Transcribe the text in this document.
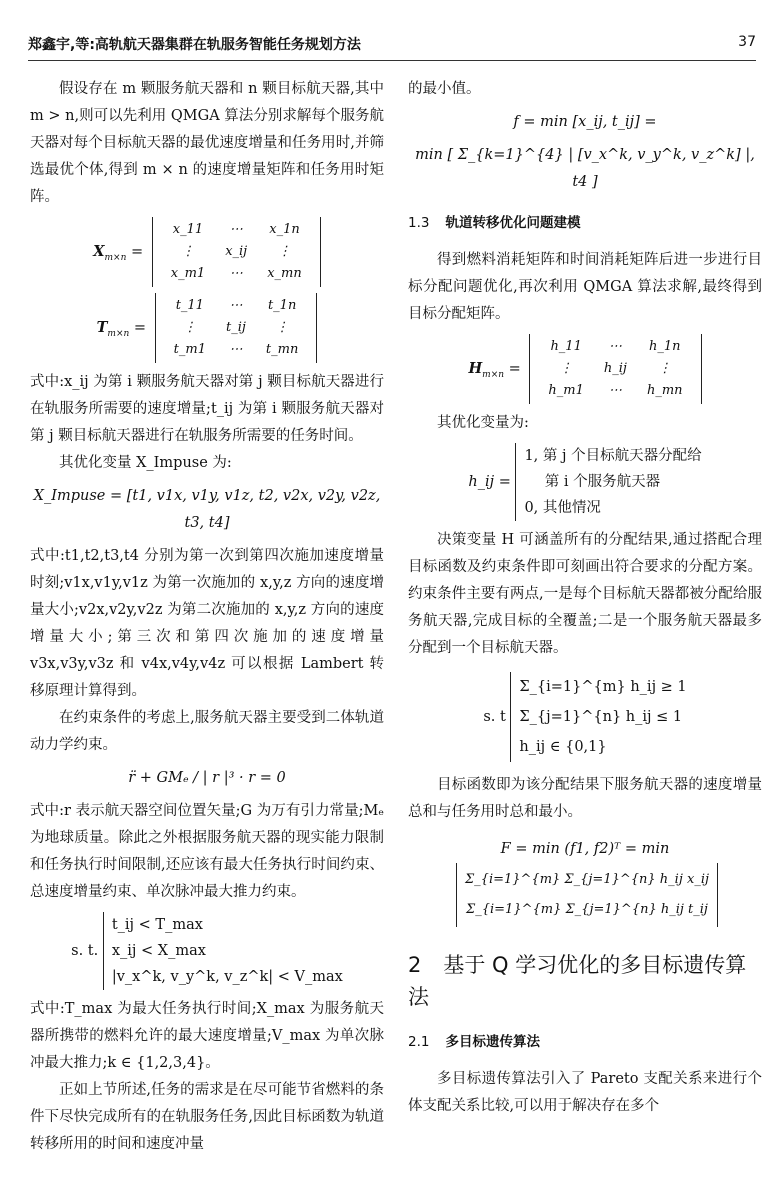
郑鑫宇,等:高轨航天器集群在轨服务智能任务规划方法	37

假设存在 m 颗服务航天器和 n 颗目标航天器,其中 m > n,则可以先利用 QMGA 算法分别求解每个服务航天器对每个目标航天器的最优速度增量和任务用时,并筛选最优个体,得到 m × n 的速度增量矩阵和任务用时矩阵。

$X_{m\times n}$ =
x_11	⋯	x_1n
⋮	x_ij	⋮
x_m1	⋯	x_mn
$T_{m\times n}$ =
t_11	⋯	t_1n
⋮	t_ij	⋮
t_m1	⋯	t_mn

式中:x_ij 为第 i 颗服务航天器对第 j 颗目标航天器进行在轨服务所需要的速度增量;t_ij 为第 i 颗服务航天器对第 j 颗目标航天器进行在轨服务所需要的任务时间。

其优化变量 X_Impuse 为:

X_Impuse = [t1, v1x, v1y, v1z, t2, v2x, v2y, v2z, t3, t4]

式中:t1,t2,t3,t4 分别为第一次到第四次施加速度增量时刻;v1x,v1y,v1z 为第一次施加的 x,y,z 方向的速度增量大小;v2x,v2y,v2z 为第二次施加的 x,y,z 方向的速度增量大小;第三次和第四次施加的速度增量 v3x,v3y,v3z 和 v4x,v4y,v4z 可以根据 Lambert 转移原理计算得到。

在约束条件的考虑上,服务航天器主要受到二体轨道动力学约束。

r̈ + GMₑ / | r |³ · r = 0

式中:r 表示航天器空间位置矢量;G 为万有引力常量;Mₑ 为地球质量。除此之外根据服务航天器的现实能力限制和任务执行时间限制,还应该有最大任务执行时间约束、总速度增量约束、单次脉冲最大推力约束。

s. t. t_ij < T_max
x_ij < X_max
|v_x^k, v_y^k, v_z^k| < V_max

式中:T_max 为最大任务执行时间;X_max 为服务航天器所携带的燃料允许的最大速度增量;V_max 为单次脉冲最大推力;k ∈ {1,2,3,4}。

正如上节所述,任务的需求是在尽可能节省燃料的条件下尽快完成所有的在轨服务任务,因此目标函数为轨道转移所用的时间和速度冲量

的最小值。

f = min [x_ij, t_ij] =
min [ Σ_{k=1}^{4} | [v_x^k, v_y^k, v_z^k] |, t4 ]
1.3 轨道转移优化问题建模

得到燃料消耗矩阵和时间消耗矩阵后进一步进行目标分配问题优化,再次利用 QMGA 算法求解,最终得到目标分配矩阵。

$H_{m\times n}$ =
h_11	⋯	h_1n
⋮	h_ij	⋮
h_m1	⋯	h_mn

其优化变量为:

h_ij = 1, 第 j 个目标航天器分配给
第 i 个服务航天器
0, 其他情况

决策变量 H 可涵盖所有的分配结果,通过搭配合理目标函数及约束条件即可刻画出符合要求的分配方案。约束条件主要有两点,一是每个目标航天器都被分配给服务航天器,完成目标的全覆盖;二是一个服务航天器最多分配到一个目标航天器。

s. t Σ_{i=1}^{m} h_ij ≥ 1
Σ_{j=1}^{n} h_ij ≤ 1
h_ij ∈ {0,1}

目标函数即为该分配结果下服务航天器的速度增量总和与任务用时总和最小。

F = min (f1, f2)ᵀ = min Σ_{i=1}^{m} Σ_{j=1}^{n} h_ij x_ij
Σ_{i=1}^{m} Σ_{j=1}^{n} h_ij t_ij
2 基于 Q 学习优化的多目标遗传算法
2.1 多目标遗传算法

多目标遗传算法引入了 Pareto 支配关系来进行个体支配关系比较,可以用于解决存在多个
